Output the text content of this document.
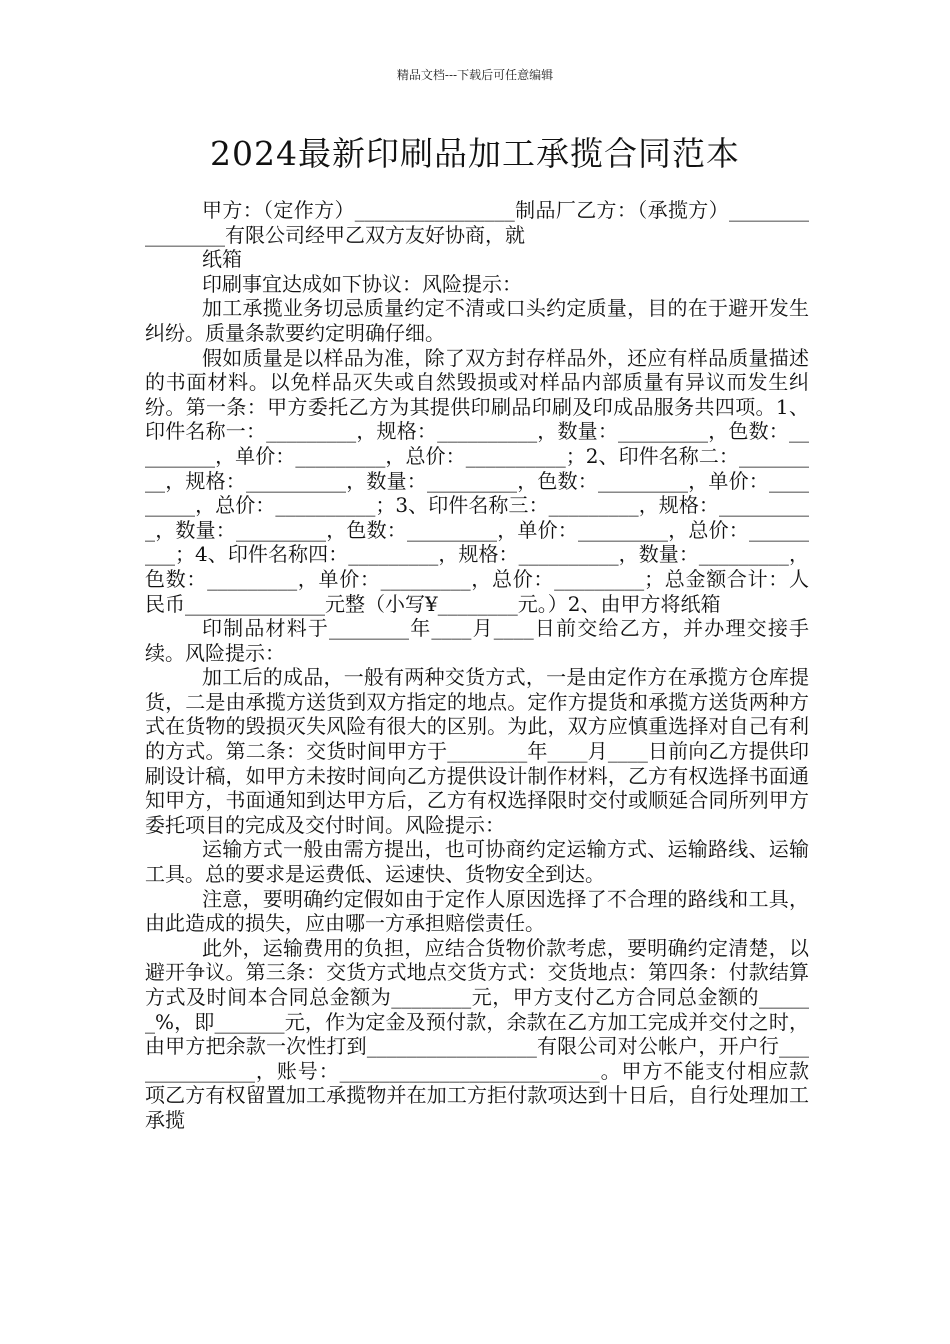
精品文档---下载后可任意编辑
2024最新印刷品加工承揽合同范本

甲方：（定作方）________________制品厂乙方：（承揽方）________________有限公司经甲乙双方友好协商，就

纸箱

印刷事宜达成如下协议：风险提示：

加工承揽业务切忌质量约定不清或口头约定质量，目的在于避开发生纠纷。质量条款要约定明确仔细。

假如质量是以样品为准，除了双方封存样品外，还应有样品质量描述的书面材料。以免样品灭失或自然毁损或对样品内部质量有异议而发生纠纷。第一条：甲方委托乙方为其提供印刷品印刷及印成品服务共四项。1、印件名称一：_________，规格：__________，数量：_________，色数：_________，单价：_________，总价：__________；2、印件名称二：_________，规格：__________，数量：_________，色数：_________，单价：_________，总价：__________；3、印件名称三：_________，规格：__________，数量：_________，色数：_________，单价：_________，总价：_________；4、印件名称四：_________，规格：__________，数量：_________，色数：_________，单价：_________，总价：_________；总金额合计：人民币______________元整（小写¥________元。）2、由甲方将纸箱

印制品材料于________年____月____日前交给乙方，并办理交接手续。风险提示：

加工后的成品，一般有两种交货方式，一是由定作方在承揽方仓库提货，二是由承揽方送货到双方指定的地点。定作方提货和承揽方送货两种方式在货物的毁损灭失风险有很大的区别。为此，双方应慎重选择对自己有利的方式。第二条：交货时间甲方于________年____月____日前向乙方提供印刷设计稿，如甲方未按时间向乙方提供设计制作材料，乙方有权选择书面通知甲方，书面通知到达甲方后，乙方有权选择限时交付或顺延合同所列甲方委托项目的完成及交付时间。风险提示：

运输方式一般由需方提出，也可协商约定运输方式、运输路线、运输工具。总的要求是运费低、运速快、货物安全到达。

注意，要明确约定假如由于定作人原因选择了不合理的路线和工具，由此造成的损失，应由哪一方承担赔偿责任。

此外，运输费用的负担，应结合货物价款考虑，要明确约定清楚，以避开争议。第三条：交货方式地点交货方式：交货地点：第四条：付款结算方式及时间本合同总金额为________元，甲方支付乙方合同总金额的______%，即_______元，作为定金及预付款，余款在乙方加工完成并交付之时，由甲方把余款一次性打到_________________有限公司对公帐户，开户行______________，账号：__________________________。甲方不能支付相应款项乙方有权留置加工承揽物并在加工方拒付款项达到十日后，自行处理加工承揽
